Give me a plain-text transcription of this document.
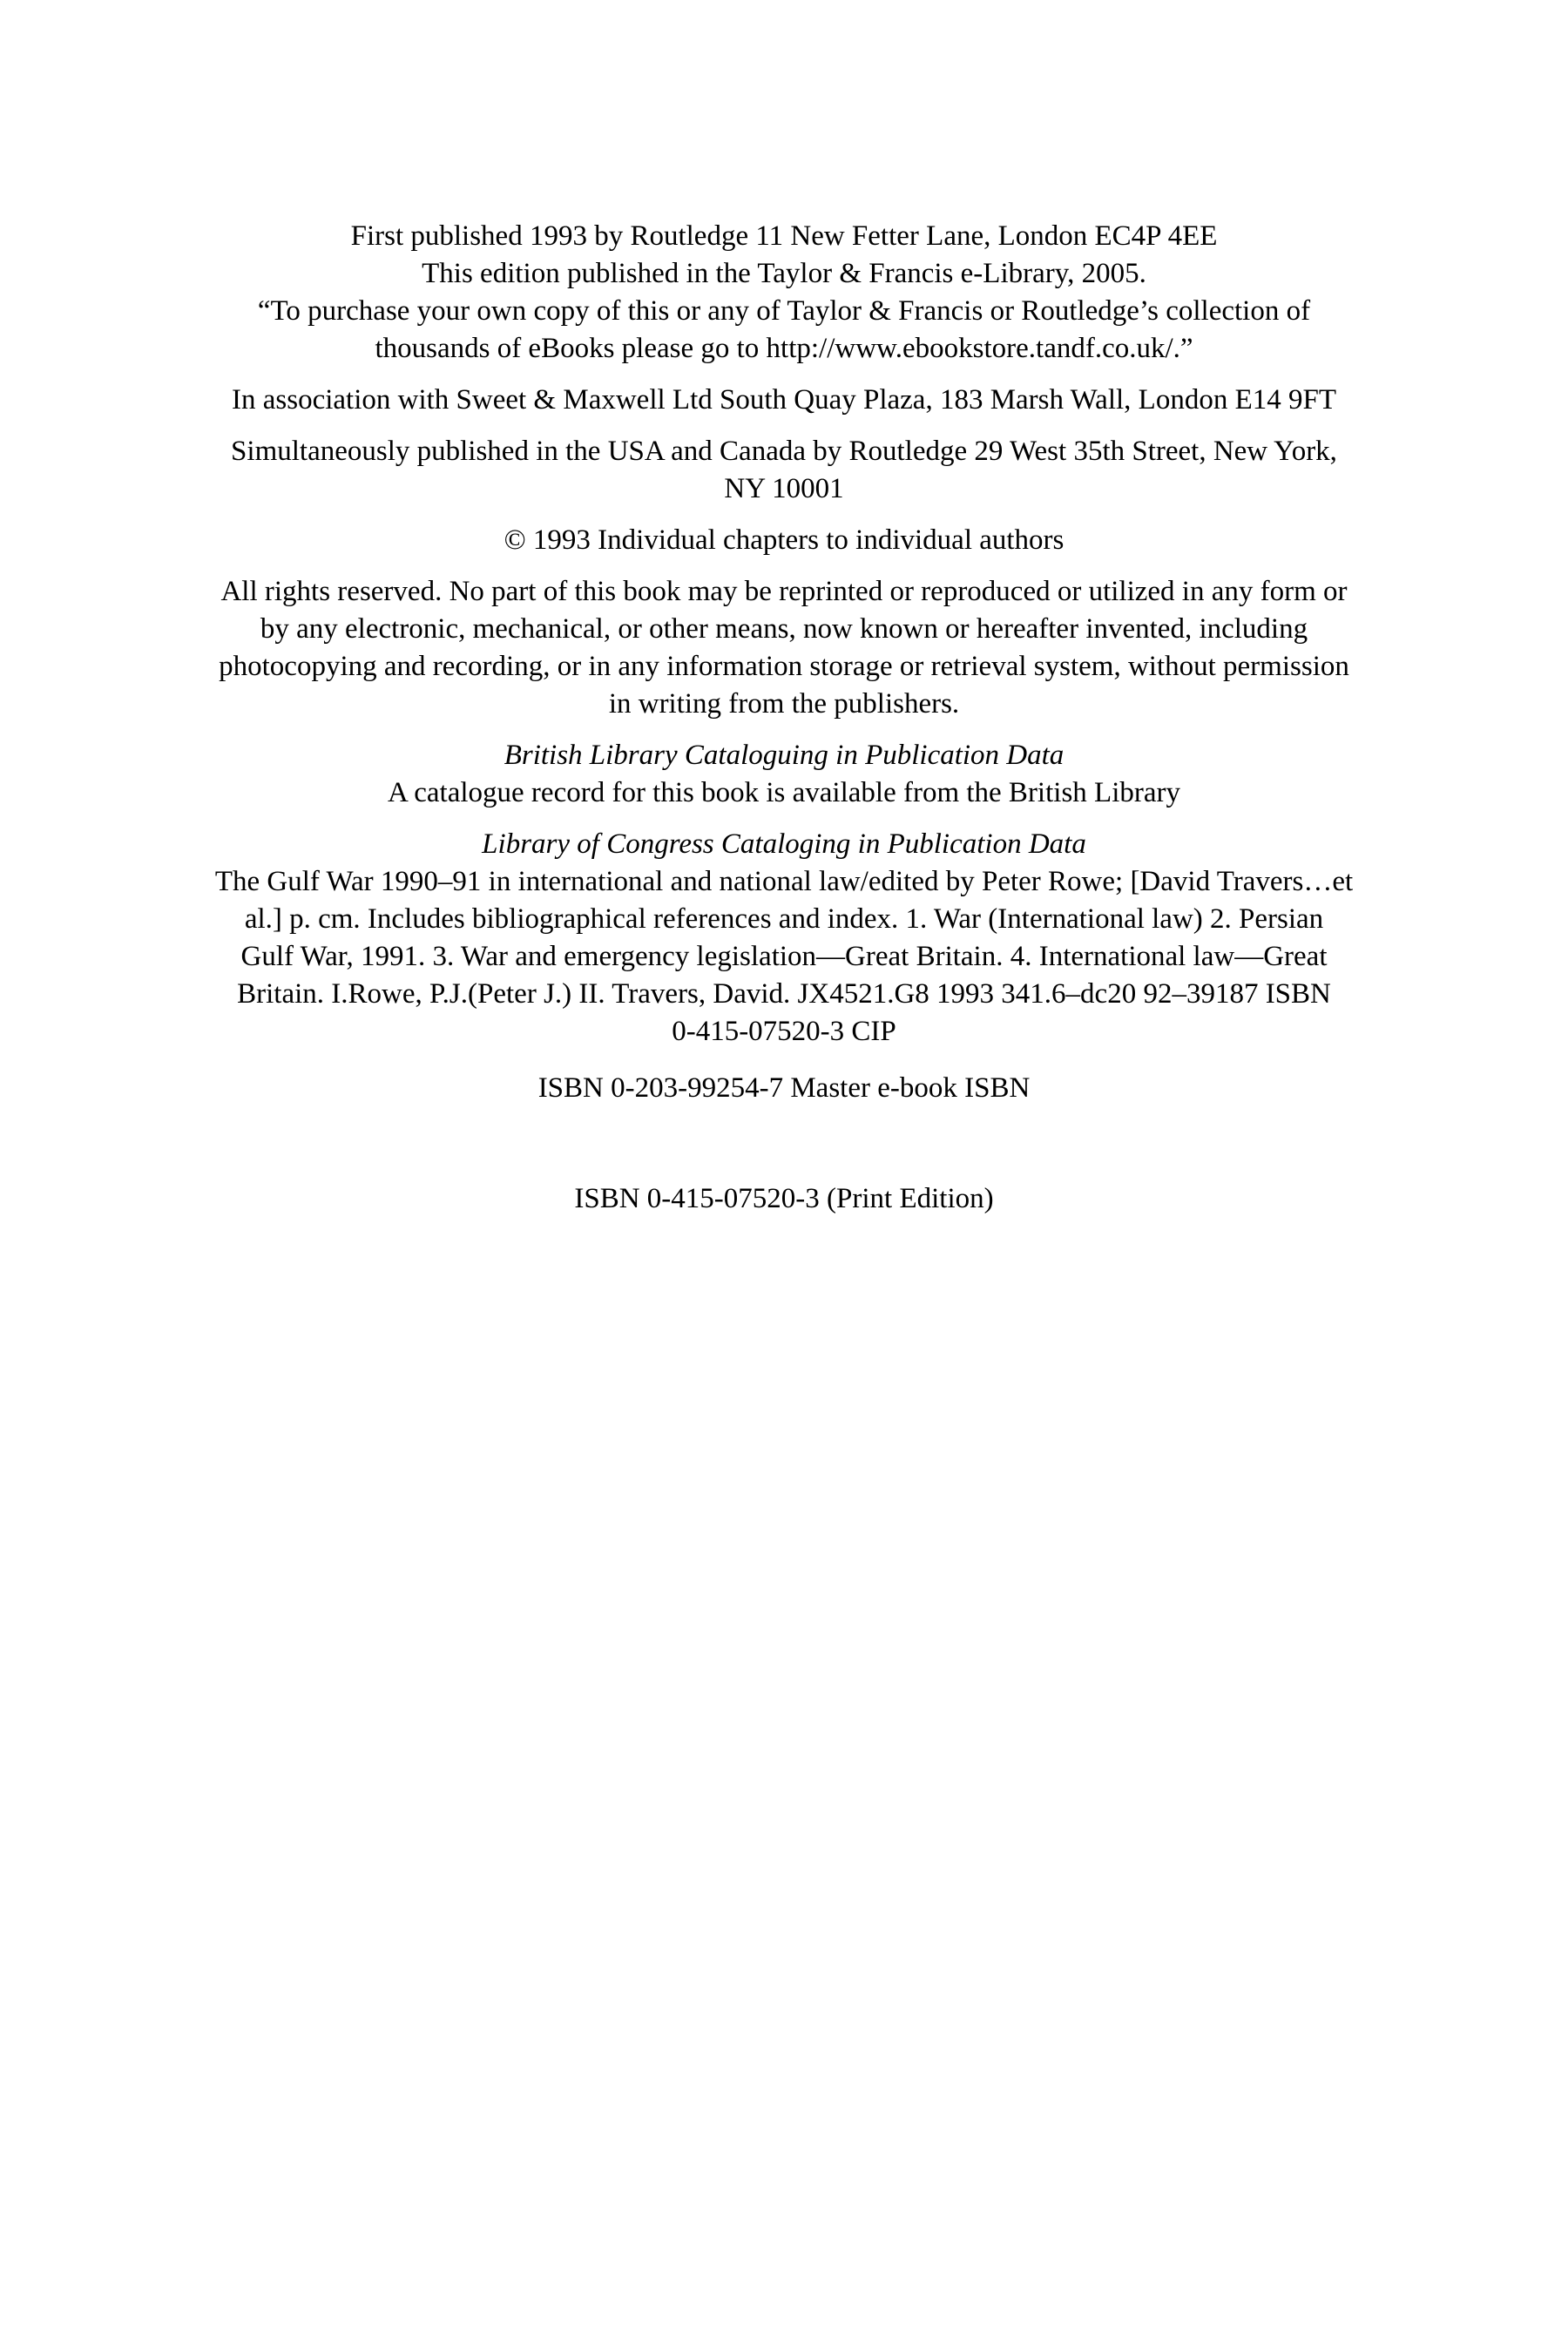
First published 1993 by Routledge 11 New Fetter Lane, London EC4P 4EE
This edition published in the Taylor & Francis e-Library, 2005.
“To purchase your own copy of this or any of Taylor & Francis or Routledge’s collection of
thousands of eBooks please go to http://www.ebookstore.tandf.co.uk/.”
In association with Sweet & Maxwell Ltd South Quay Plaza, 183 Marsh Wall, London E14 9FT
Simultaneously published in the USA and Canada by Routledge 29 West 35th Street, New York,
NY 10001
© 1993 Individual chapters to individual authors
All rights reserved. No part of this book may be reprinted or reproduced or utilized in any form or
by any electronic, mechanical, or other means, now known or hereafter invented, including
photocopying and recording, or in any information storage or retrieval system, without permission
in writing from the publishers.
British Library Cataloguing in Publication Data
A catalogue record for this book is available from the British Library
Library of Congress Cataloging in Publication Data
The Gulf War 1990–91 in international and national law/edited by Peter Rowe; [David Travers…et
al.] p. cm. Includes bibliographical references and index. 1. War (International law) 2. Persian
Gulf War, 1991. 3. War and emergency legislation—Great Britain. 4. International law—Great
Britain. I.Rowe, P.J.(Peter J.) II. Travers, David. JX4521.G8 1993 341.6–dc20 92–39187 ISBN
0-415-07520-3 CIP
ISBN 0-203-99254-7 Master e-book ISBN
ISBN 0-415-07520-3 (Print Edition)
